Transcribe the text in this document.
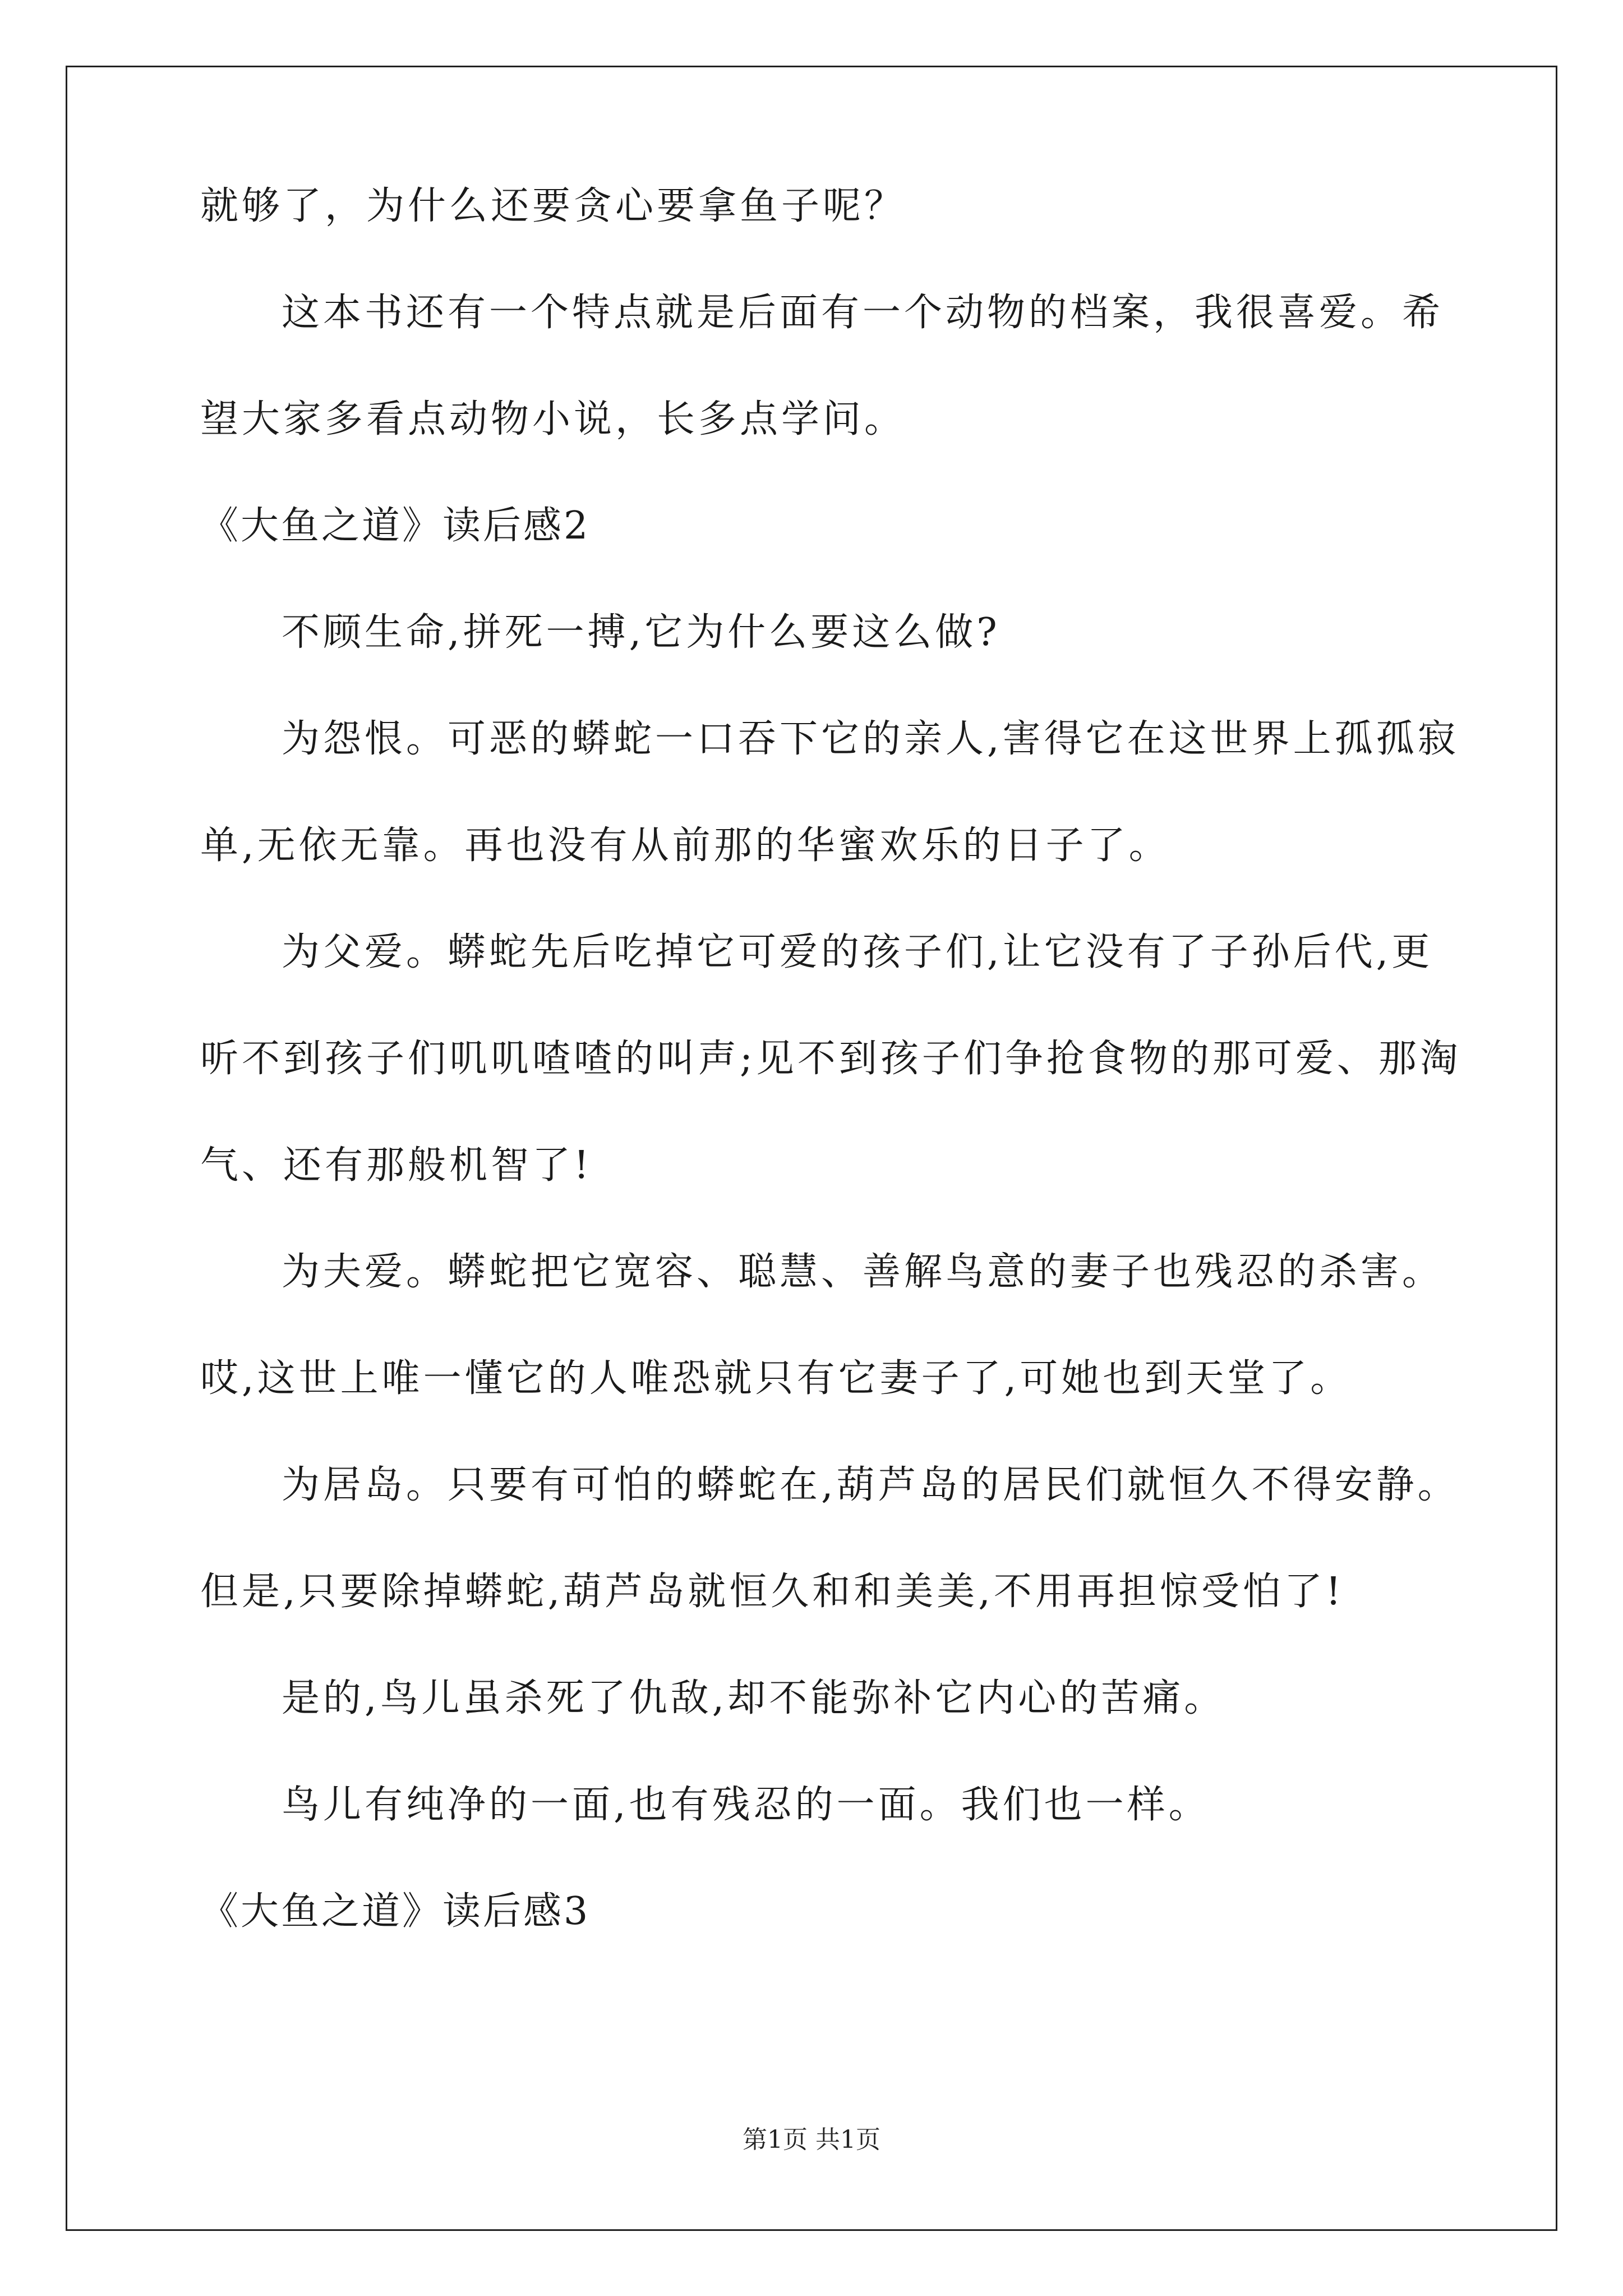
就够了，为什么还要贪心要拿鱼子呢？
这本书还有一个特点就是后面有一个动物的档案，我很喜爱。希
望大家多看点动物小说，长多点学问。
《大鱼之道》读后感2
不顾生命,拼死一搏,它为什么要这么做?
为怨恨。可恶的蟒蛇一口吞下它的亲人,害得它在这世界上孤孤寂
单,无依无靠。再也没有从前那的华蜜欢乐的日子了。
为父爱。蟒蛇先后吃掉它可爱的孩子们,让它没有了子孙后代,更
听不到孩子们叽叽喳喳的叫声;见不到孩子们争抢食物的那可爱、那淘
气、还有那般机智了!
为夫爱。蟒蛇把它宽容、聪慧、善解鸟意的妻子也残忍的杀害。
哎,这世上唯一懂它的人唯恐就只有它妻子了,可她也到天堂了。
为居岛。只要有可怕的蟒蛇在,葫芦岛的居民们就恒久不得安静。
但是,只要除掉蟒蛇,葫芦岛就恒久和和美美,不用再担惊受怕了!
是的,鸟儿虽杀死了仇敌,却不能弥补它内心的苦痛。
鸟儿有纯净的一面,也有残忍的一面。我们也一样。
《大鱼之道》读后感3
第1页 共1页
